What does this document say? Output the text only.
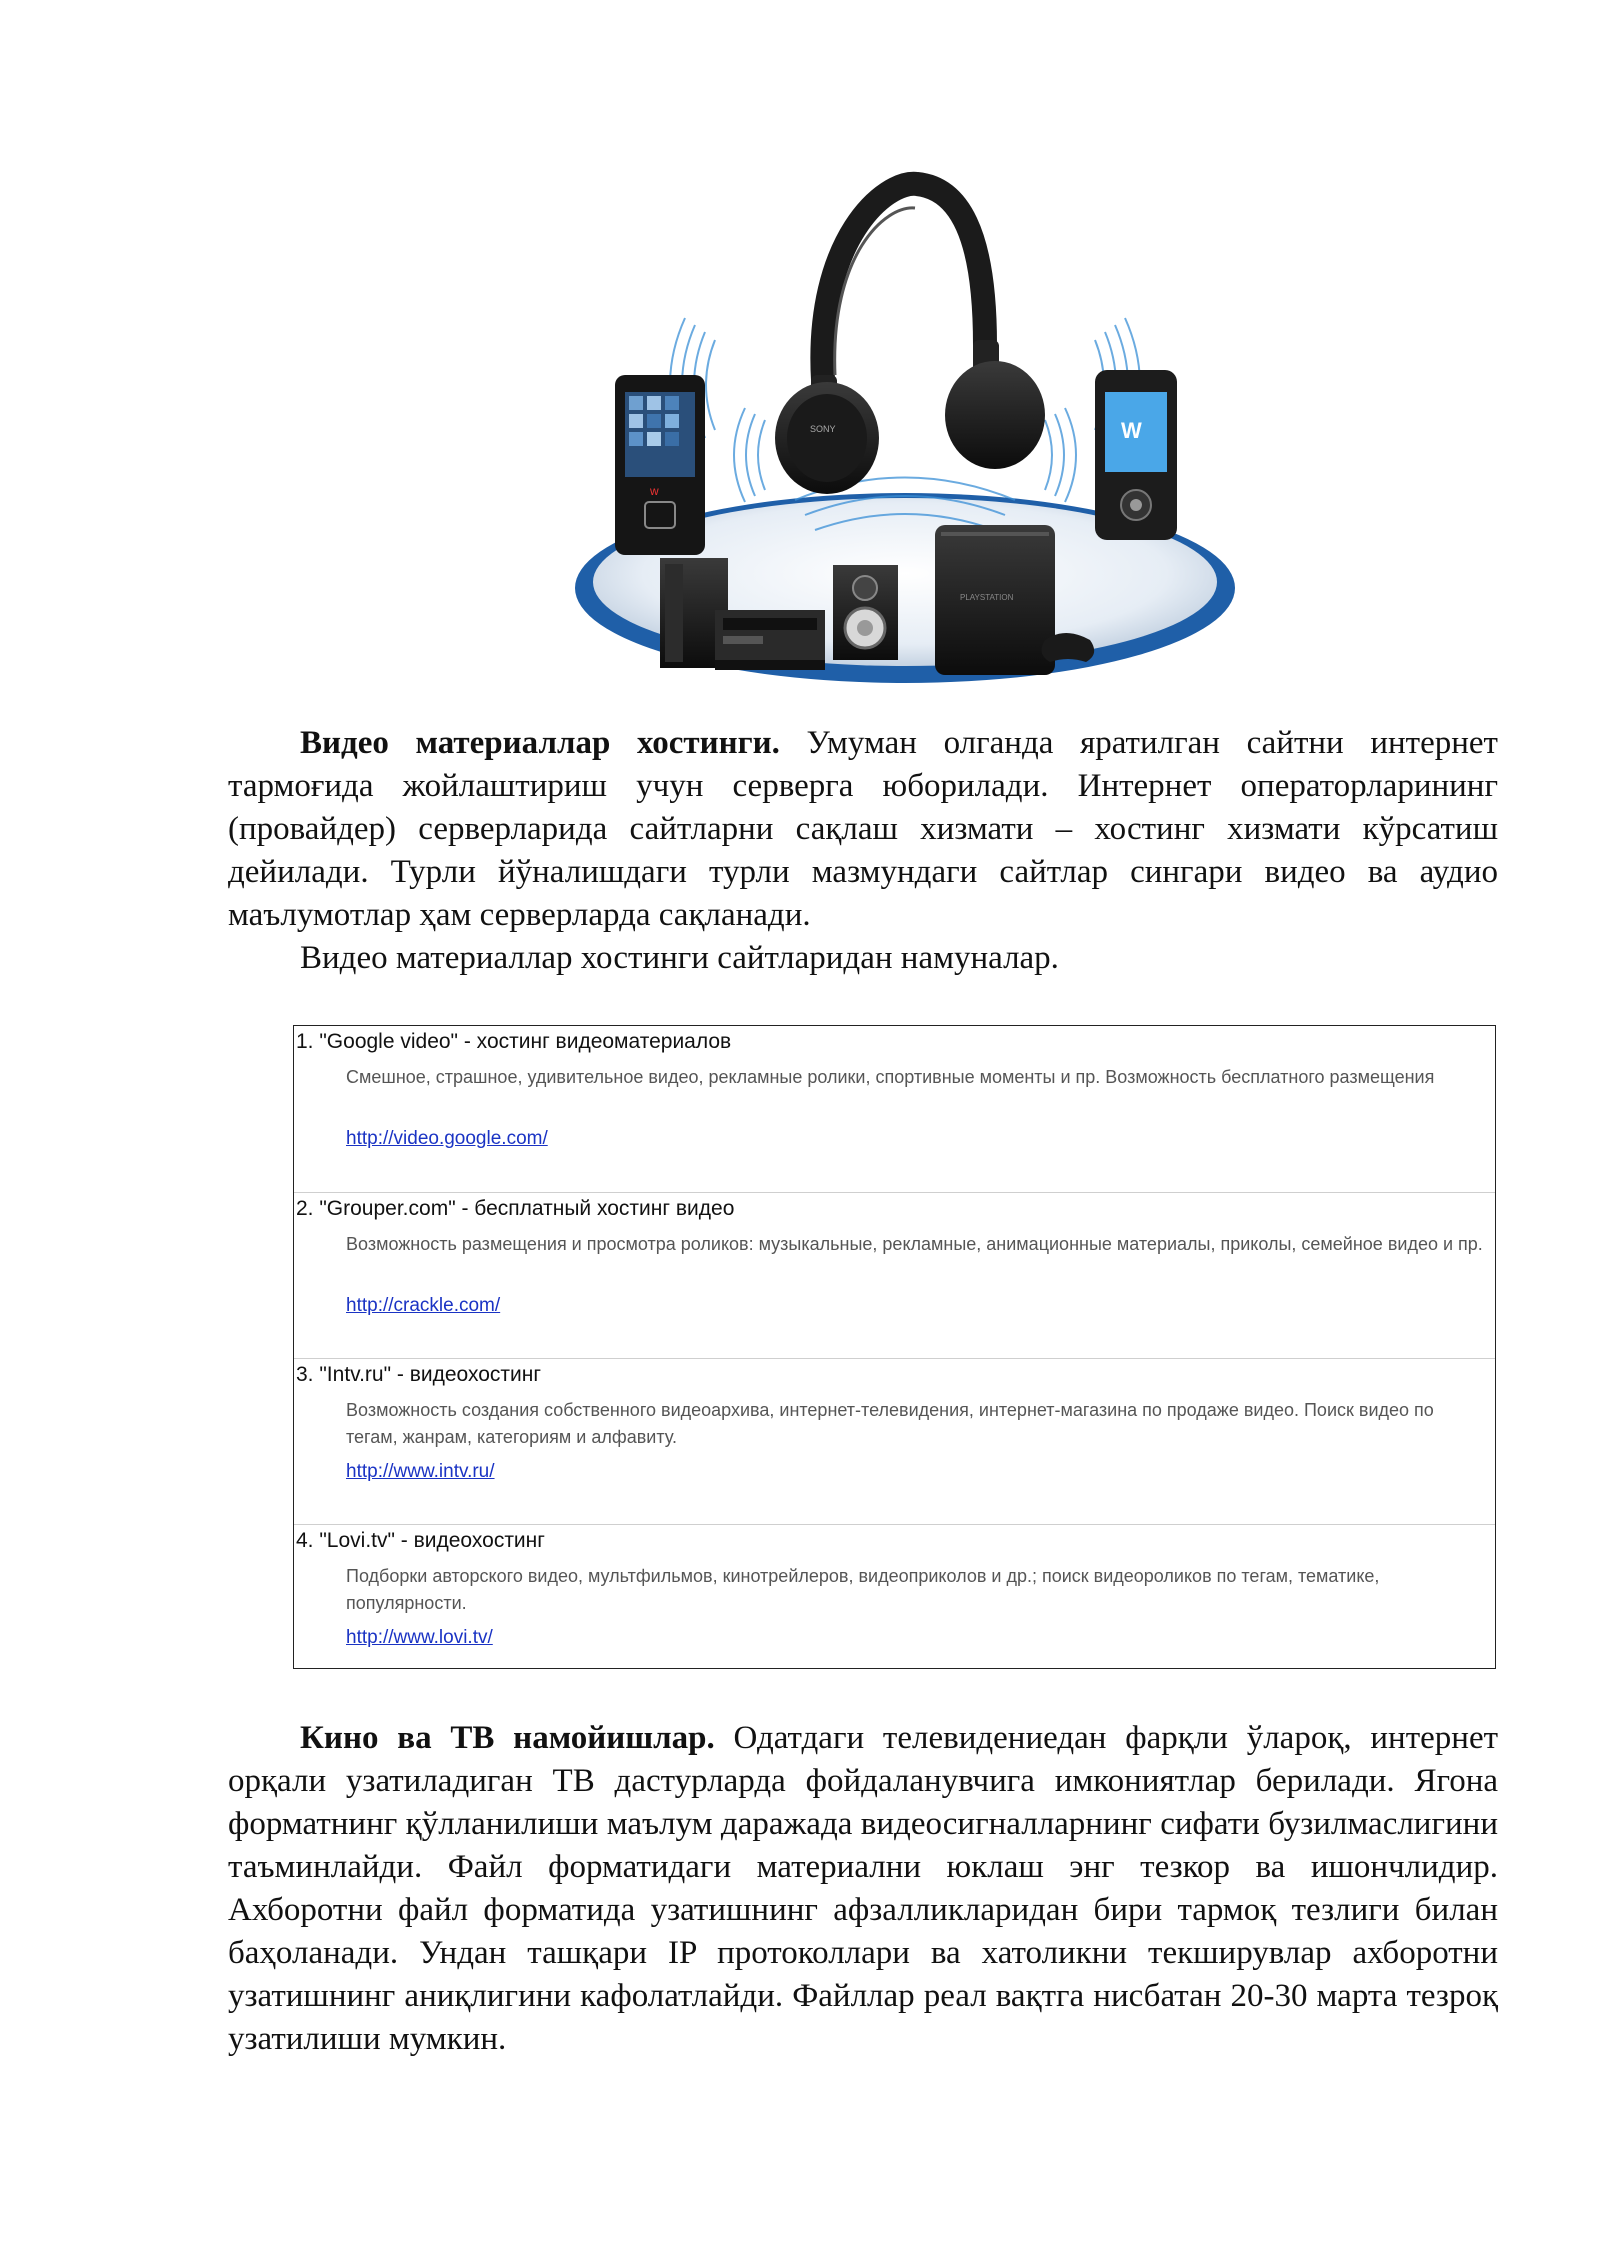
SONY
w
W
PLAYSTATION

Видео материаллар хостинги. Умуман олганда яратилган сайтни интернет тармоғида жойлаштириш учун серверга юборилади. Интернет операторларининг (провайдер) серверларида сайтларни сақлаш хизмати – хостинг хизмати кўрсатиш дейилади. Турли йўналишдаги турли мазмундаги сайтлар сингари видео ва аудио маълумотлар ҳам серверларда сақланади.

Видео материаллар хостинги сайтларидан намуналар.

1. "Google video" - хостинг видеоматериалов
Смешное, страшное, удивительное видео, рекламные ролики, спортивные моменты и пр. Возможность бесплатного размещения
http://video.google.com/
2. "Grouper.com" - бесплатный хостинг видео
Возможность размещения и просмотра роликов: музыкальные, рекламные, анимационные материалы, приколы, семейное видео и пр.
http://crackle.com/
3. "Intv.ru" - видеохостинг
Возможность создания собственного видеоархива, интернет-телевидения, интернет-магазина по продаже видео. Поиск видео по тегам, жанрам, категориям и алфавиту.
http://www.intv.ru/
4. "Lovi.tv" - видеохостинг
Подборки авторского видео, мультфильмов, кинотрейлеров, видеоприколов и др.; поиск видеороликов по тегам, тематике, популярности.
http://www.lovi.tv/

Кино ва ТВ намойишлар. Одатдаги телевидениедан фарқли ўлароқ, интернет орқали узатиладиган ТВ дастурларда фойдаланувчига имкониятлар берилади. Ягона форматнинг қўлланилиши маълум даражада видеосигналларнинг сифати бузилмаслигини таъминлайди. Файл форматидаги материални юклаш энг тезкор ва ишончлидир. Ахборотни файл форматида узатишнинг афзалликларидан бири тармоқ тезлиги билан баҳоланади. Ундан ташқари IP протоколлари ва хатоликни текширувлар ахборотни узатишнинг аниқлигини кафолатлайди. Файллар реал вақтга нисбатан 20-30 марта тезроқ узатилиши мумкин.
